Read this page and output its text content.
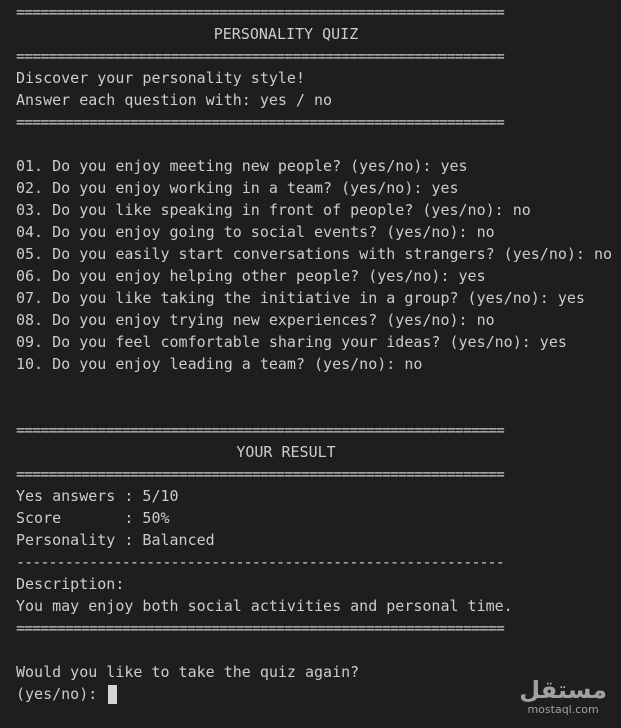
============================================================
PERSONALITY QUIZ
============================================================
Discover your personality style!
Answer each question with: yes / no
============================================================
01. Do you enjoy meeting new people? (yes/no): yes
02. Do you enjoy working in a team? (yes/no): yes
03. Do you like speaking in front of people? (yes/no): no
04. Do you enjoy going to social events? (yes/no): no
05. Do you easily start conversations with strangers? (yes/no): no
06. Do you enjoy helping other people? (yes/no): yes
07. Do you like taking the initiative in a group? (yes/no): yes
08. Do you enjoy trying new experiences? (yes/no): no
09. Do you feel comfortable sharing your ideas? (yes/no): yes
10. Do you enjoy leading a team? (yes/no): no
============================================================
YOUR RESULT
============================================================
Yes answers : 5/10
Score       : 50%
Personality : Balanced
------------------------------------------------------------
Description:
You may enjoy both social activities and personal time.
============================================================
Would you like to take the quiz again?
(yes/no):	مستقل
mostaql.com
